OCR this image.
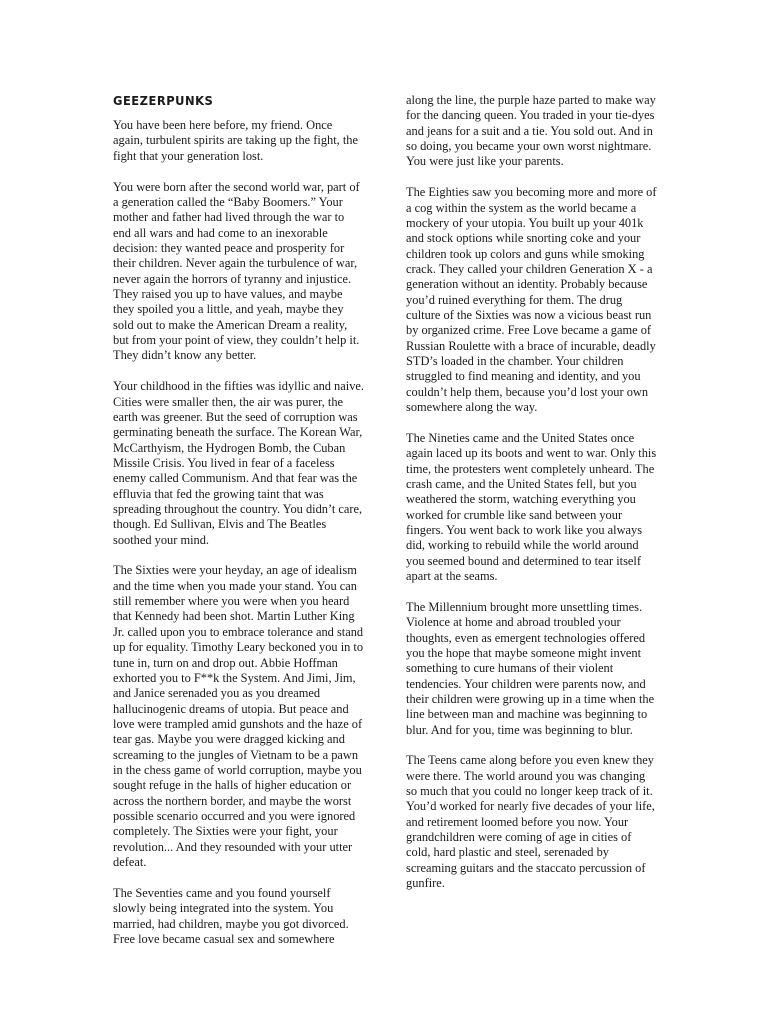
GEEZERPUNKS

You have been here before, my friend. Once again, turbulent spirits are taking up the fight, the fight that your generation lost.

You were born after the second world war, part of a generation called the “Baby Boomers.” Your mother and father had lived through the war to end all wars and had come to an inexorable decision: they wanted peace and prosperity for their children. Never again the turbulence of war, never again the horrors of tyranny and injustice. They raised you up to have values, and maybe they spoiled you a little, and yeah, maybe they sold out to make the American Dream a reality, but from your point of view, they couldn’t help it. They didn’t know any better.

Your childhood in the fifties was idyllic and naive. Cities were smaller then, the air was purer, the earth was greener. But the seed of corruption was germinating beneath the surface. The Korean War, McCarthyism, the Hydrogen Bomb, the Cuban Missile Crisis. You lived in fear of a faceless enemy called Communism. And that fear was the effluvia that fed the growing taint that was spreading throughout the country. You didn’t care, though. Ed Sullivan, Elvis and The Beatles soothed your mind.

The Sixties were your heyday, an age of idealism and the time when you made your stand. You can still remember where you were when you heard that Kennedy had been shot. Martin Luther King Jr. called upon you to embrace tolerance and stand up for equality. Timothy Leary beckoned you in to tune in, turn on and drop out. Abbie Hoffman exhorted you to F**k the System. And Jimi, Jim, and Janice serenaded you as you dreamed hallucinogenic dreams of utopia. But peace and love were trampled amid gunshots and the haze of tear gas. Maybe you were dragged kicking and screaming to the jungles of Vietnam to be a pawn in the chess game of world corruption, maybe you sought refuge in the halls of higher education or across the northern border, and maybe the worst possible scenario occurred and you were ignored completely. The Sixties were your fight, your revolution... And they resounded with your utter defeat.

The Seventies came and you found yourself slowly being integrated into the system. You married, had children, maybe you got divorced. Free love became casual sex and somewhere

along the line, the purple haze parted to make way for the dancing queen. You traded in your tie-dyes and jeans for a suit and a tie. You sold out. And in so doing, you became your own worst nightmare. You were just like your parents.

The Eighties saw you becoming more and more of a cog within the system as the world became a mockery of your utopia. You built up your 401k and stock options while snorting coke and your children took up colors and guns while smoking crack. They called your children Generation X - a generation without an identity. Probably because you’d ruined everything for them. The drug culture of the Sixties was now a vicious beast run by organized crime. Free Love became a game of Russian Roulette with a brace of incurable, deadly STD’s loaded in the chamber. Your children struggled to find meaning and identity, and you couldn’t help them, because you’d lost your own somewhere along the way.

The Nineties came and the United States once again laced up its boots and went to war. Only this time, the protesters went completely unheard. The crash came, and the United States fell, but you weathered the storm, watching everything you worked for crumble like sand between your fingers. You went back to work like you always did, working to rebuild while the world around you seemed bound and determined to tear itself apart at the seams.

The Millennium brought more unsettling times. Violence at home and abroad troubled your thoughts, even as emergent technologies offered you the hope that maybe someone might invent something to cure humans of their violent tendencies. Your children were parents now, and their children were growing up in a time when the line between man and machine was beginning to blur. And for you, time was beginning to blur.

The Teens came along before you even knew they were there. The world around you was changing so much that you could no longer keep track of it. You’d worked for nearly five decades of your life, and retirement loomed before you now. Your grandchildren were coming of age in cities of cold, hard plastic and steel, serenaded by screaming guitars and the staccato percussion of gunfire.
